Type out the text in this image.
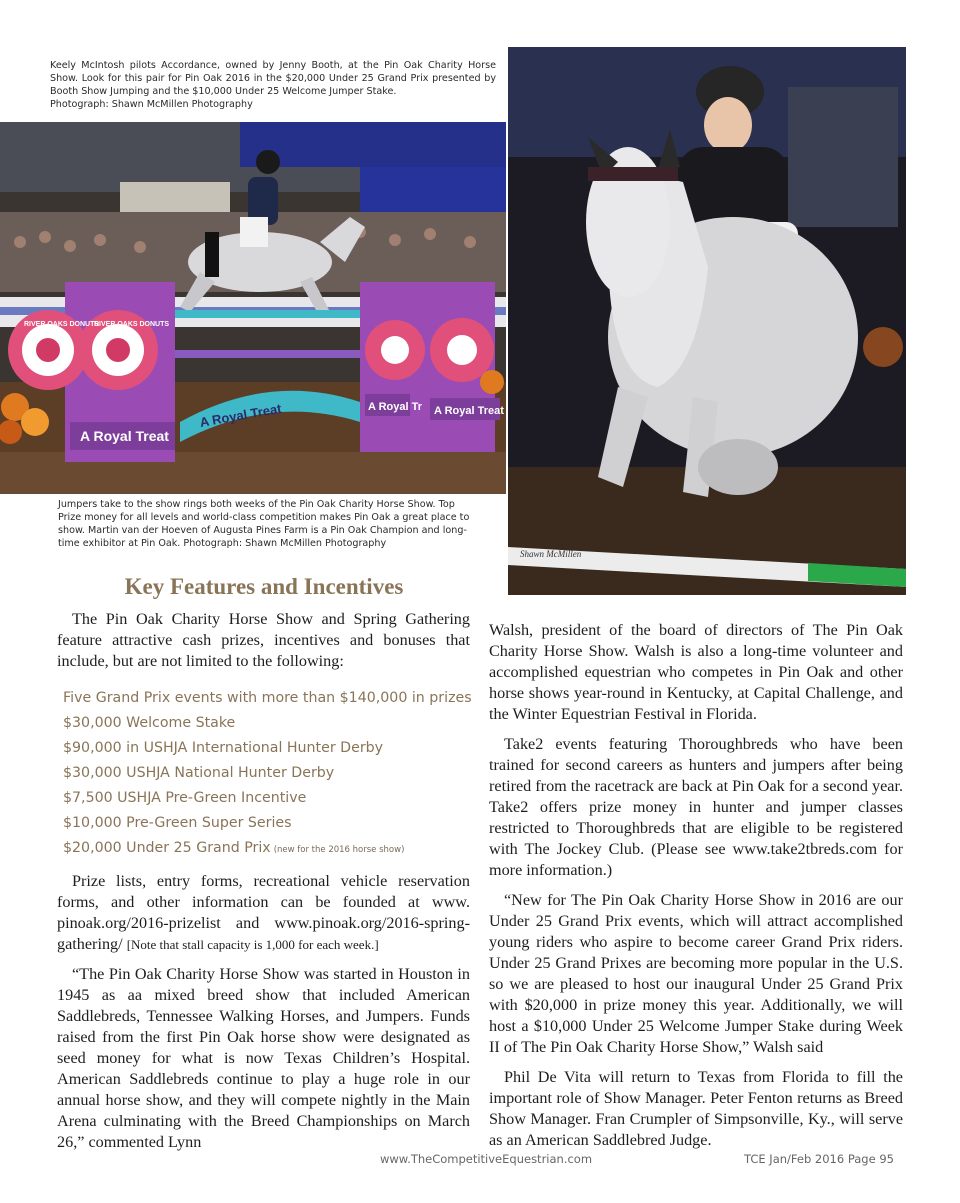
Keely McIntosh pilots Accordance, owned by Jenny Booth, at the Pin Oak Charity Horse Show. Look for this pair for Pin Oak 2016 in the $20,000 Under 25 Grand Prix presented by Booth Show Jumping and the $10,000 Under 25 Welcome Jumper Stake.
Photograph: Shawn McMillen Photography
A Royal Treat
A Royal Treat	A Royal Tr A Royal Treat
RIVER OAKS DONUTS
RIVER OAKS DONUTS
Shawn McMillen
Jumpers take to the show rings both weeks of the Pin Oak Charity Horse Show. Top Prize money for all levels and world-class competition makes Pin Oak a great place to show. Martin van der Hoeven of Augusta Pines Farm is a Pin Oak Champion and long-time exhibitor at Pin Oak. Photograph: Shawn McMillen Photography
Key Features and Incentives

The Pin Oak Charity Horse Show and Spring Gathering feature attractive cash prizes, incentives and bonuses that include, but are not limited to the following:

Five Grand Prix events with more than $140,000 in prizes
$30,000 Welcome Stake
$90,000 in USHJA International Hunter Derby
$30,000 USHJA National Hunter Derby
$7,500 USHJA Pre-Green Incentive
$10,000 Pre-Green Super Series
$20,000 Under 25 Grand Prix (new for the 2016 horse show)

Prize lists, entry forms, recreational vehicle reservation forms, and other information can be founded at www. pinoak.org/2016-prizelist and www.pinoak.org/2016-spring-gathering/ [Note that stall capacity is 1,000 for each week.]

“The Pin Oak Charity Horse Show was started in Houston in 1945 as aa mixed breed show that included American Saddlebreds, Tennessee Walking Horses, and Jumpers. Funds raised from the first Pin Oak horse show were designated as seed money for what is now Texas Children’s Hospital. American Saddlebreds continue to play a huge role in our annual horse show, and they will compete nightly in the Main Arena culminating with the Breed Championships on March 26,” commented Lynn

Walsh, president of the board of directors of The Pin Oak Charity Horse Show. Walsh is also a long-time volunteer and accomplished equestrian who competes in Pin Oak and other horse shows year-round in Kentucky, at Capital Challenge, and the Winter Equestrian Festival in Florida.

Take2 events featuring Thoroughbreds who have been trained for second careers as hunters and jumpers after being retired from the racetrack are back at Pin Oak for a second year. Take2 offers prize money in hunter and jumper classes restricted to Thoroughbreds that are eligible to be registered with The Jockey Club. (Please see www.take2tbreds.com for more information.)

“New for The Pin Oak Charity Horse Show in 2016 are our Under 25 Grand Prix events, which will attract accomplished young riders who aspire to become career Grand Prix riders. Under 25 Grand Prixes are becoming more popular in the U.S. so we are pleased to host our inaugural Under 25 Grand Prix with $20,000 in prize money this year. Additionally, we will host a $10,000 Under 25 Welcome Jumper Stake during Week II of The Pin Oak Charity Horse Show,” Walsh said

Phil De Vita will return to Texas from Florida to fill the important role of Show Manager. Peter Fenton returns as Breed Show Manager. Fran Crumpler of Simpsonville, Ky., will serve as an American Saddlebred Judge.

www.TheCompetitiveEquestrian.com	TCE Jan/Feb 2016 Page 95
